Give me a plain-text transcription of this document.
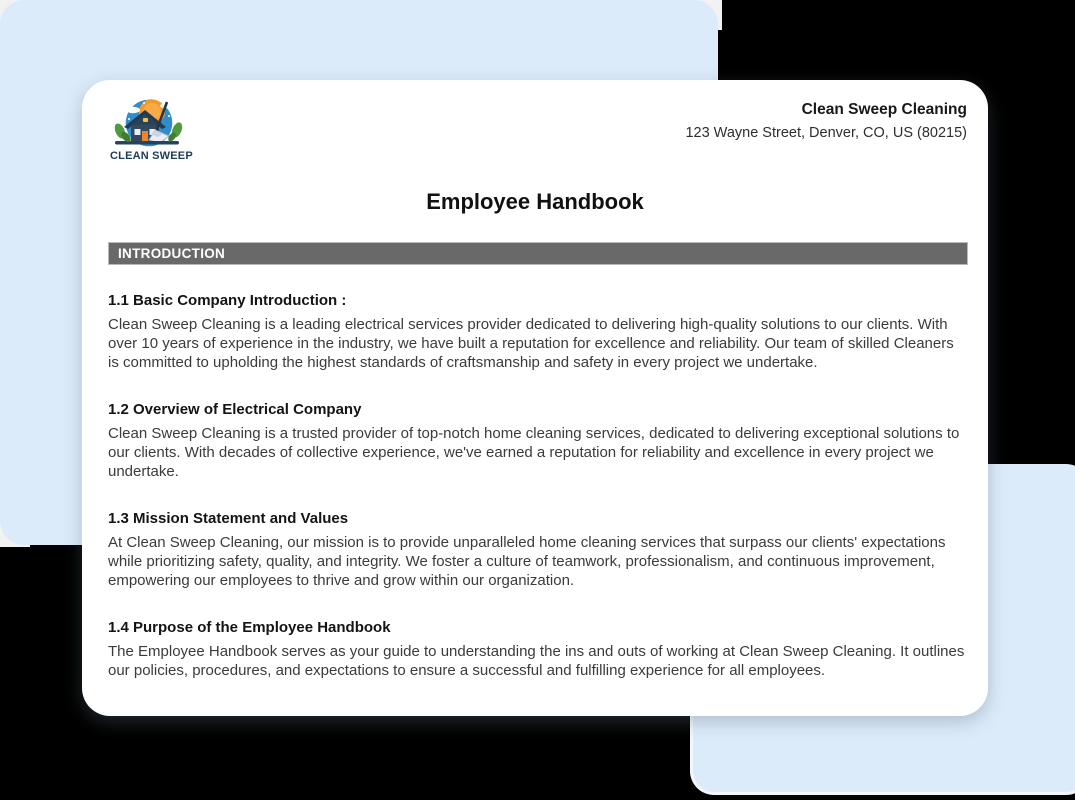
CLEAN SWEEP
Clean Sweep Cleaning
123 Wayne Street, Denver, CO, US (80215)
Employee Handbook
INTRODUCTION
1.1 Basic Company Introduction :
Clean Sweep Cleaning is a leading electrical services provider dedicated to delivering high-quality solutions to our clients. With over 10 years of experience in the industry, we have built a reputation for excellence and reliability. Our team of skilled Cleaners is committed to upholding the highest standards of craftsmanship and safety in every project we undertake.
1.2 Overview of Electrical Company
Clean Sweep Cleaning is a trusted provider of top-notch home cleaning services, dedicated to delivering exceptional solutions to our clients. With decades of collective experience, we've earned a reputation for reliability and excellence in every project we undertake.
1.3 Mission Statement and Values
At Clean Sweep Cleaning, our mission is to provide unparalleled home cleaning services that surpass our clients' expectations while prioritizing safety, quality, and integrity. We foster a culture of teamwork, professionalism, and continuous improvement, empowering our employees to thrive and grow within our organization.
1.4 Purpose of the Employee Handbook
The Employee Handbook serves as your guide to understanding the ins and outs of working at Clean Sweep Cleaning. It outlines our policies, procedures, and expectations to ensure a successful and fulfilling experience for all employees.
